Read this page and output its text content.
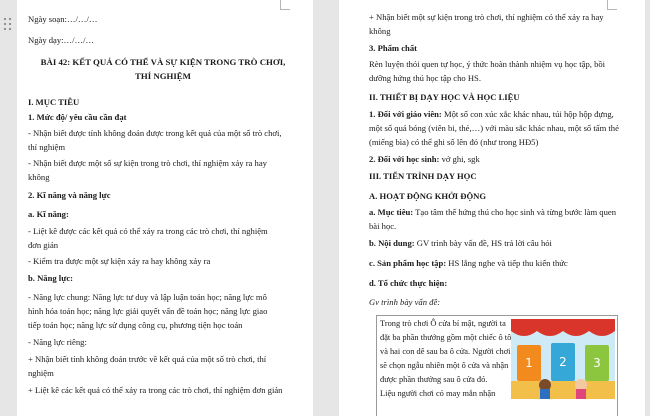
Ngày soạn:…/…/…
Ngày dạy:…/…/…
BÀI 42: KẾT QUẢ CÓ THỂ VÀ SỰ KIỆN TRONG TRÒ CHƠI,
THÍ NGHIỆM
I. MỤC TIÊU
1. Mức độ/ yêu cầu cần đạt
- Nhận biết được tính không đoán được trong kết quả của một số trò chơi,
thí nghiệm
- Nhận biết được một số sự kiện trong trò chơi, thí nghiệm xảy ra hay
không
2. Kĩ năng và năng lực
a. Kĩ năng:
- Liệt kê được các kết quả có thể xảy ra trong các trò chơi, thí nghiệm
đơn giản
- Kiểm tra được một sự kiện xảy ra hay không xảy ra
b. Năng lực:
- Năng lực chung: Năng lực tư duy và lập luận toán học; năng lực mô
hình hóa toán học; năng lực giải quyết vấn đề toán học; năng lực giao
tiếp toán học; năng lực sử dụng công cụ, phương tiện học toán
- Năng lực riêng:
+ Nhận biết tính không đoán trước về kết quả của một số trò chơi, thí
nghiệm
+ Liệt kê các kết quả có thể xảy ra trong các trò chơi, thí nghiệm đơn giản
+ Nhận biết một sự kiện trong trò chơi, thí nghiệm có thể xảy ra hay
không
3. Phẩm chất
Rèn luyện thói quen tự học, ý thức hoàn thành nhiệm vụ học tập, bồi
dưỡng hứng thú học tập cho HS.
II. THIẾT BỊ DẠY HỌC VÀ HỌC LIỆU
1. Đối với giáo viên: Một số con xúc xắc khác nhau, túi hộp hộp đựng,
một số quả bóng (viên bi, thẻ,…) với màu sắc khác nhau, một số tấm thẻ
(miếng bìa) có thể ghi số lên đó (như trong HĐ5)
2. Đối với học sinh: vở ghi, sgk
III. TIẾN TRÌNH DẠY HỌC
A. HOẠT ĐỘNG KHỞI ĐỘNG
a. Mục tiêu: Tạo tâm thế hứng thú cho học sinh và từng bước làm quen
bài học.
b. Nội dung: GV trình bày vấn đề, HS trả lời câu hỏi
c. Sản phẩm học tập: HS lắng nghe và tiếp thu kiến thức
d. Tổ chức thực hiện:
Gv trình bày vấn đề:
Trong trò chơi Ô cửa bí mật, người ta
đặt ba phần thưởng gồm một chiếc ô tô
và hai con dê sau ba ô cửa. Người chơi
sẽ chọn ngẫu nhiên một ô cửa và nhận
được phần thưởng sau ô cửa đó.
Liệu người chơi có may mắn nhận
1 2 3
